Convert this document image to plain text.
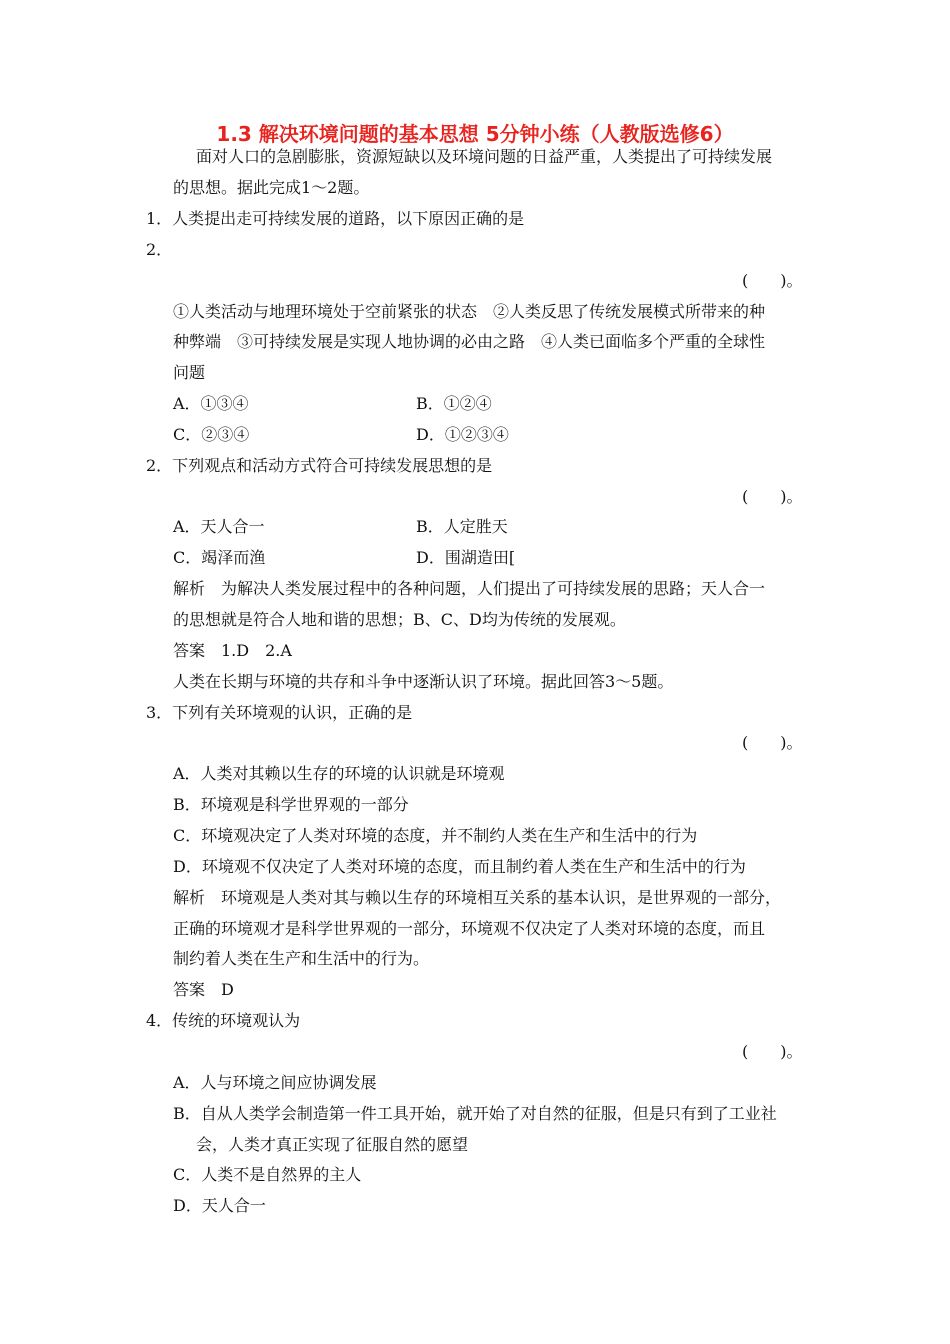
1.3 解决环境问题的基本思想 5分钟小练（人教版选修6）
面对人口的急剧膨胀，资源短缺以及环境问题的日益严重，人类提出了可持续发展
的思想。据此完成1～2题。
1．人类提出走可持续发展的道路，以下原因正确的是
2．
(　　)。
①人类活动与地理环境处于空前紧张的状态　②人类反思了传统发展模式所带来的种
种弊端　③可持续发展是实现人地协调的必由之路　④人类已面临多个严重的全球性
问题
A．①③④	B．①②④
C．②③④	D．①②③④
2．下列观点和活动方式符合可持续发展思想的是
(　　)。
A．天人合一	B．人定胜天
C．竭泽而渔	D．围湖造田[
解析　为解决人类发展过程中的各种问题，人们提出了可持续发展的思路；天人合一
的思想就是符合人地和谐的思想；B、C、D均为传统的发展观。
答案　1.D　2.A
人类在长期与环境的共存和斗争中逐渐认识了环境。据此回答3～5题。
3．下列有关环境观的认识，正确的是
(　　)。
A．人类对其赖以生存的环境的认识就是环境观
B．环境观是科学世界观的一部分
C．环境观决定了人类对环境的态度，并不制约人类在生产和生活中的行为
D．环境观不仅决定了人类对环境的态度，而且制约着人类在生产和生活中的行为
解析　环境观是人类对其与赖以生存的环境相互关系的基本认识，是世界观的一部分，
正确的环境观才是科学世界观的一部分，环境观不仅决定了人类对环境的态度，而且
制约着人类在生产和生活中的行为。
答案　D
4．传统的环境观认为
(　　)。
A．人与环境之间应协调发展
B．自从人类学会制造第一件工具开始，就开始了对自然的征服，但是只有到了工业社
会，人类才真正实现了征服自然的愿望
C．人类不是自然界的主人
D．天人合一
